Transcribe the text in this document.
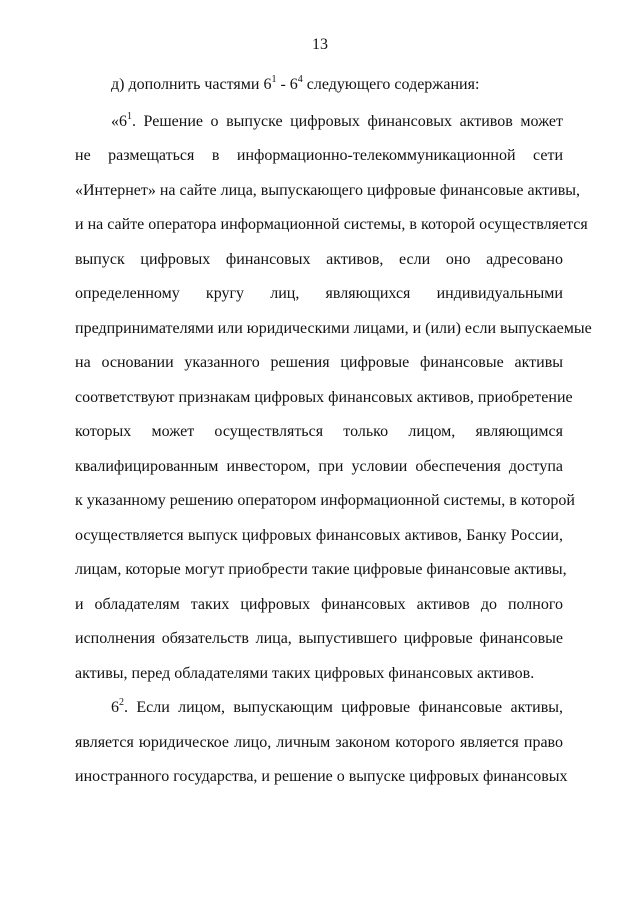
13
д) дополнить частями $6^1 - 6^4$ следующего содержания:
«$6^1$. Решение о выпуске цифровых финансовых активов может
не размещаться в информационно-телекоммуникационной сети
«Интернет» на сайте лица, выпускающего цифровые финансовые активы,
и на сайте оператора информационной системы, в которой осуществляется
выпуск цифровых финансовых активов, если оно адресовано
определенному кругу лиц, являющихся индивидуальными
предпринимателями или юридическими лицами, и (или) если выпускаемые
на основании указанного решения цифровые финансовые активы
соответствуют признакам цифровых финансовых активов, приобретение
которых может осуществляться только лицом, являющимся
квалифицированным инвестором, при условии обеспечения доступа
к указанному решению оператором информационной системы, в которой
осуществляется выпуск цифровых финансовых активов, Банку России,
лицам, которые могут приобрести такие цифровые финансовые активы,
и обладателям таких цифровых финансовых активов до полного
исполнения обязательств лица, выпустившего цифровые финансовые
активы, перед обладателями таких цифровых финансовых активов.
$6^2$. Если лицом, выпускающим цифровые финансовые активы,
является юридическое лицо, личным законом которого является право
иностранного государства, и решение о выпуске цифровых финансовых
